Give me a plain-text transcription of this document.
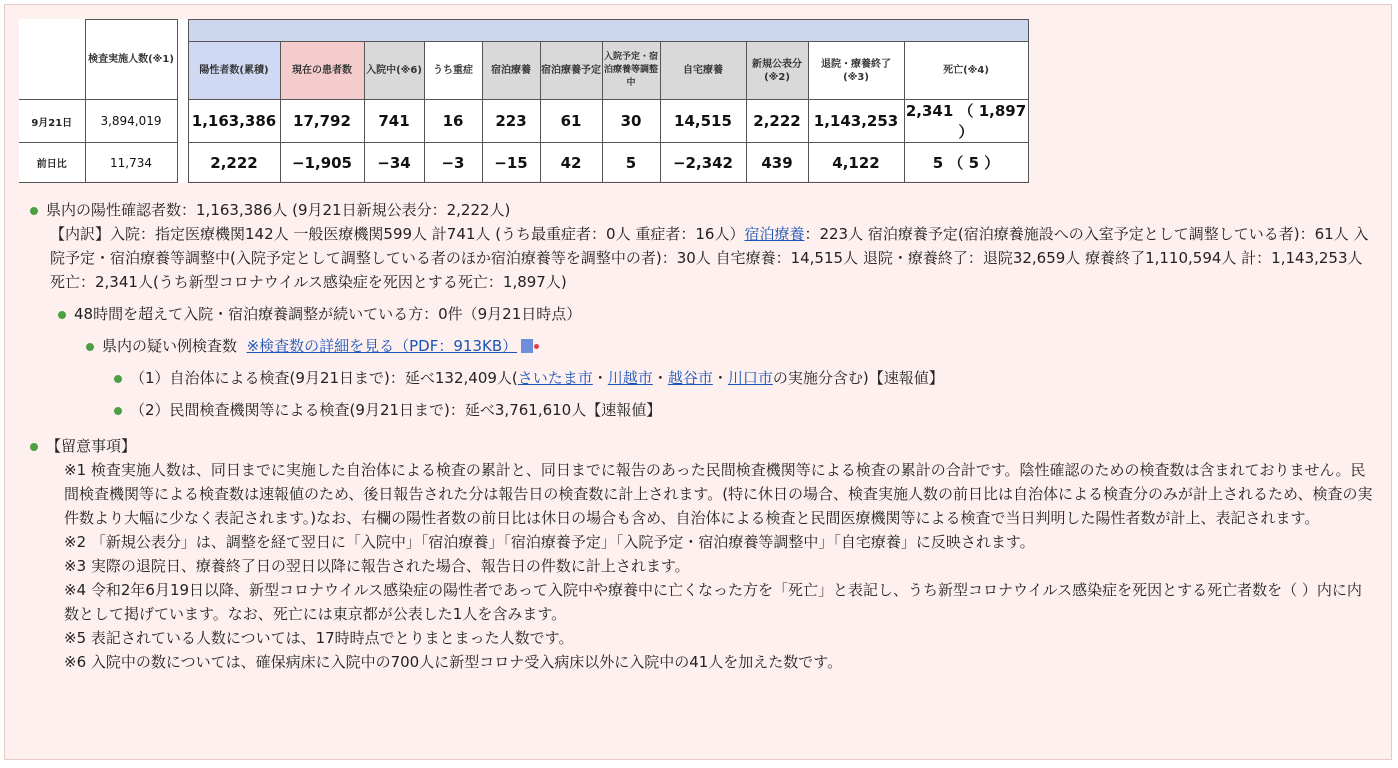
	検査実施人数(※1)												
			陽性者数(累積)	現在の患者数	入院中(※6)	うち重症	宿泊療養	宿泊療養予定	入院予定・宿泊療養等調整中	自宅療養	新規公表分(※2)	退院・療養終了(※3)	死亡(※4)
9月21日	3,894,019		1,163,386	17,792	741	16	223	61	30	14,515	2,222	1,143,253	2,341 （ 1,897 ）
前日比	11,734		2,222	−1,905	−34	−3	−15	42	5	−2,342	439	4,122	5 （ 5 ）
県内の陽性確認者数：1,163,386人 (9月21日新規公表分：2,222人)
【内訳】入院：指定医療機関142人 一般医療機関599人 計741人 (うち最重症者：0人 重症者：16人）宿泊療養：223人 宿泊療養予定(宿泊療養施設への入室予定として調整している者)：61人 入院予定・宿泊療養等調整中(入院予定として調整している者のほか宿泊療養等を調整中の者)：30人 自宅療養：14,515人 退院・療養終了：退院32,659人 療養終了1,110,594人 計：1,143,253人 死亡：2,341人(うち新型コロナウイルス感染症を死因とする死亡：1,897人)
48時間を超えて入院・宿泊療養調整が続いている方：0件（9月21日時点）
県内の疑い例検査数 ※検査数の詳細を見る（PDF：913KB）
（1）自治体による検査(9月21日まで)：延べ132,409人(さいたま市・川越市・越谷市・川口市の実施分含む)【速報値】
（2）民間検査機関等による検査(9月21日まで)：延べ3,761,610人【速報値】
【留意事項】
※1 検査実施人数は、同日までに実施した自治体による検査の累計と、同日までに報告のあった民間検査機関等による検査の累計の合計です。陰性確認のための検査数は含まれておりません。民間検査機関等による検査数は速報値のため、後日報告された分は報告日の検査数に計上されます。(特に休日の場合、検査実施人数の前日比は自治体による検査分のみが計上されるため、検査の実件数より大幅に少なく表記されます。)なお、右欄の陽性者数の前日比は休日の場合も含め、自治体による検査と民間医療機関等による検査で当日判明した陽性者数が計上、表記されます。
※2 「新規公表分」は、調整を経て翌日に「入院中」「宿泊療養」「宿泊療養予定」「入院予定・宿泊療養等調整中」「自宅療養」に反映されます。
※3 実際の退院日、療養終了日の翌日以降に報告された場合、報告日の件数に計上されます。
※4 令和2年6月19日以降、新型コロナウイルス感染症の陽性者であって入院中や療養中に亡くなった方を「死亡」と表記し、うち新型コロナウイルス感染症を死因とする死亡者数を（ ）内に内数として掲げています。なお、死亡には東京都が公表した1人を含みます。
※5 表記されている人数については、17時時点でとりまとまった人数です。
※6 入院中の数については、確保病床に入院中の700人に新型コロナ受入病床以外に入院中の41人を加えた数です。
